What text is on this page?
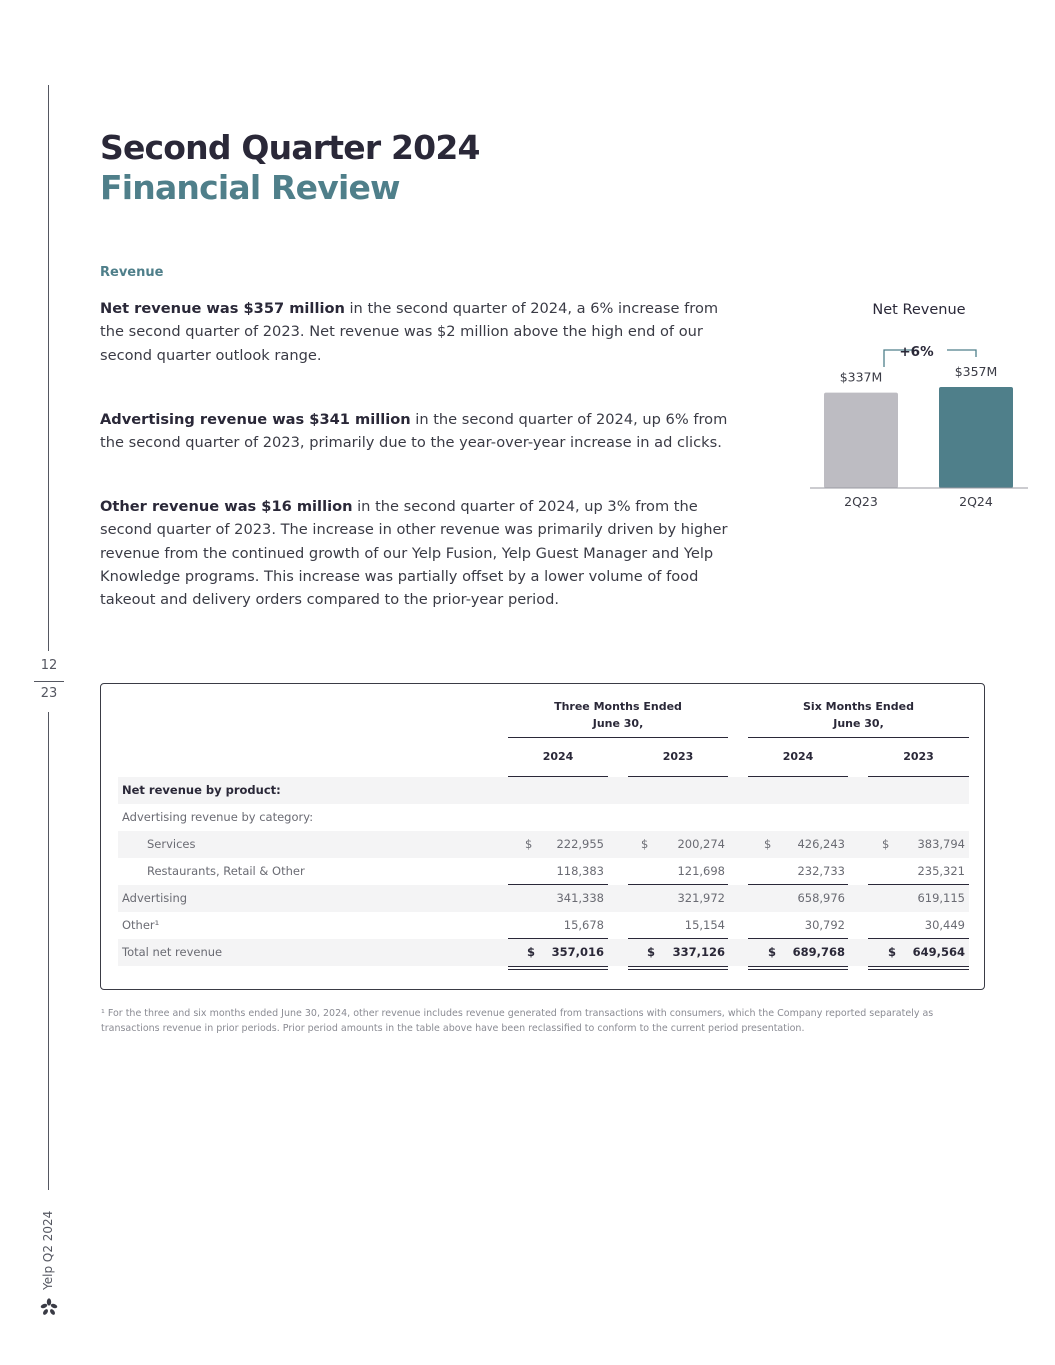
12
23
Yelp Q2 2024
Second Quarter 2024
Financial Review
Revenue

Net revenue was $357 million in the second quarter of 2024, a 6% increase from the second quarter of 2023. Net revenue was $2 million above the high end of our second quarter outlook range.

Advertising revenue was $341 million in the second quarter of 2024, up 6% from the second quarter of 2023, primarily due to the year-over-year increase in ad clicks.

Other revenue was $16 million in the second quarter of 2024, up 3% from the second quarter of 2023. The increase in other revenue was primarily driven by higher revenue from the continued growth of our Yelp Fusion, Yelp Guest Manager and Yelp Knowledge programs. This increase was partially offset by a lower volume of food takeout and delivery orders compared to the prior-year period.

Net Revenue
$337M
2Q23
$357M
2Q24
+6%
Three Months Ended
June 30,
Six Months Ended
June 30,
2024	2023	2024	2023
Net revenue by product:
Advertising revenue by category:
Services	$	222,955	$	200,274	$	426,243	$	383,794
Restaurants, Retail & Other	118,383	121,698	232,733	235,321
Advertising	341,338	321,972	658,976	619,115
Other¹	15,678	15,154	30,792	30,449
Total net revenue	$	357,016	$	337,126	$	689,768	$	649,564
¹ For the three and six months ended June 30, 2024, other revenue includes revenue generated from transactions with consumers, which the Company reported separately as transactions revenue in prior periods. Prior period amounts in the table above have been reclassified to conform to the current period presentation.
